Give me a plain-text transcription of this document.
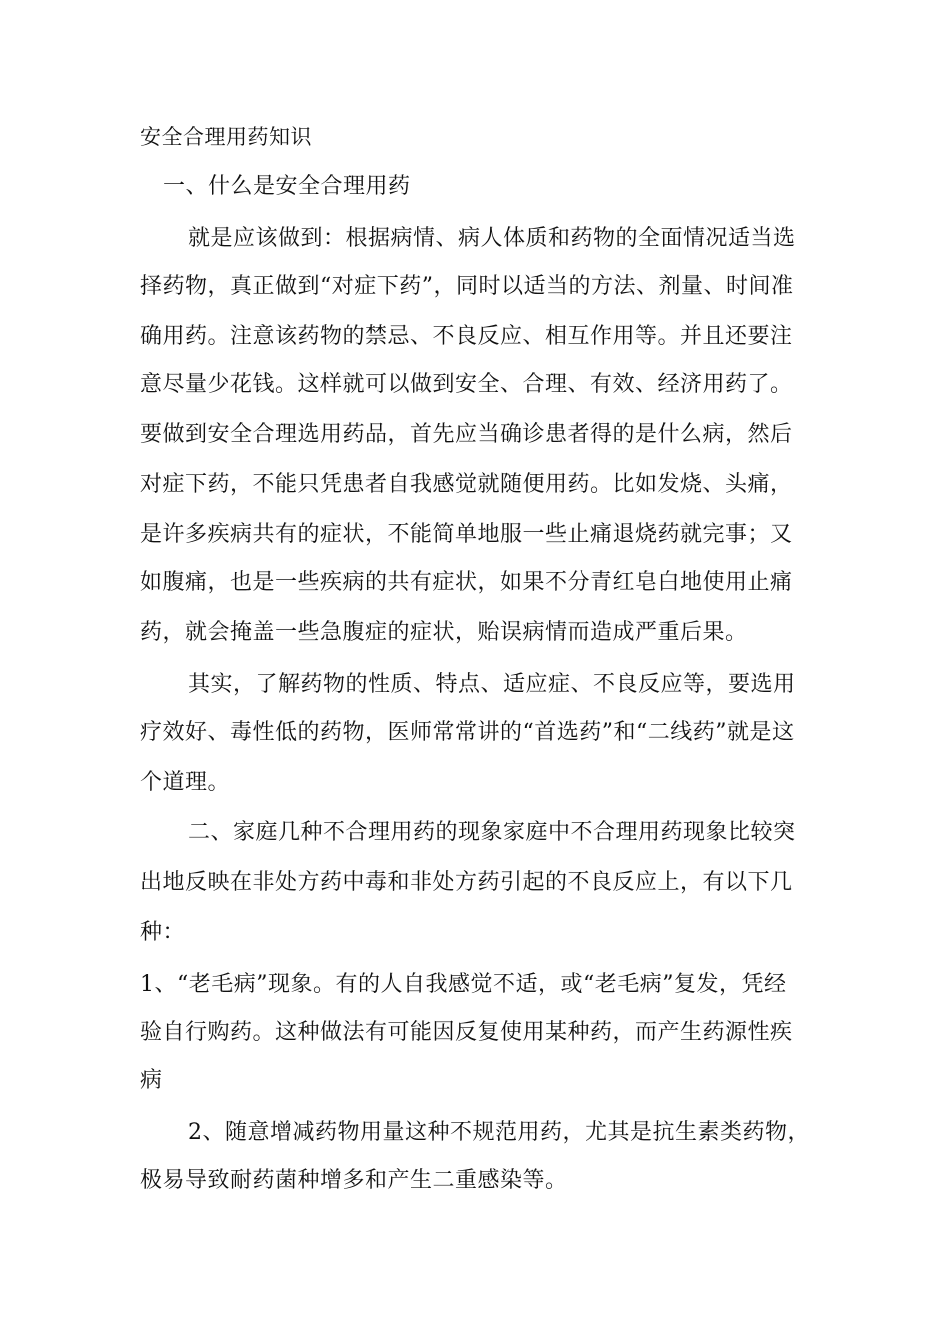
安全合理用药知识

一、什么是安全合理用药

就是应该做到：根据病情、病人体质和药物的全面情况适当选

择药物，真正做到“对症下药”，同时以适当的方法、剂量、时间准

确用药。注意该药物的禁忌、不良反应、相互作用等。并且还要注

意尽量少花钱。这样就可以做到安全、合理、有效、经济用药了。

要做到安全合理选用药品，首先应当确诊患者得的是什么病，然后

对症下药，不能只凭患者自我感觉就随便用药。比如发烧、头痛，

是许多疾病共有的症状，不能简单地服一些止痛退烧药就完事；又

如腹痛，也是一些疾病的共有症状，如果不分青红皂白地使用止痛

药，就会掩盖一些急腹症的症状，贻误病情而造成严重后果。

其实，了解药物的性质、特点、适应症、不良反应等，要选用

疗效好、毒性低的药物，医师常常讲的“首选药”和“二线药”就是这

个道理。

二、家庭几种不合理用药的现象家庭中不合理用药现象比较突

出地反映在非处方药中毒和非处方药引起的不良反应上，有以下几

种：

1、“老毛病”现象。有的人自我感觉不适，或“老毛病”复发，凭经

验自行购药。这种做法有可能因反复使用某种药，而产生药源性疾

病

2、随意增减药物用量这种不规范用药，尤其是抗生素类药物，

极易导致耐药菌种增多和产生二重感染等。
